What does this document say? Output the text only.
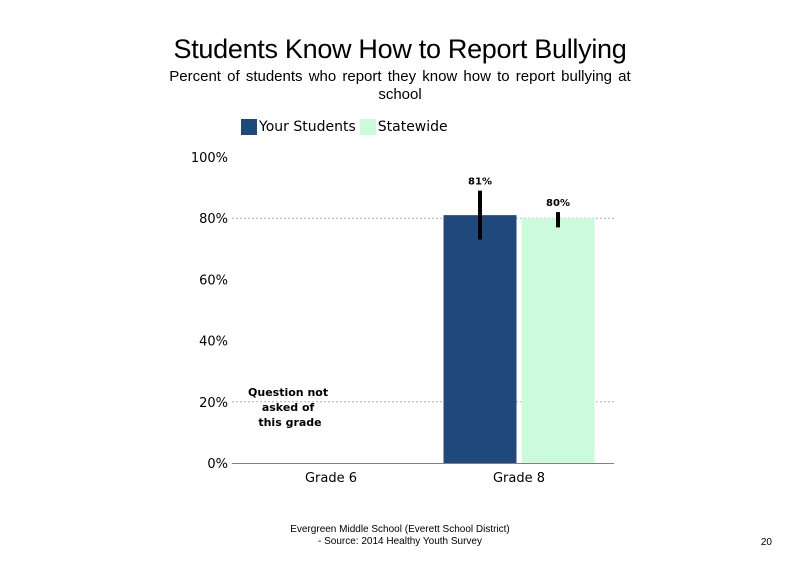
Students Know How to Report Bullying
Percent of students who report they know how to report bullying at school
Your Students Statewide
0%
20%
40%
60%
80%
100%
81%
80%
Grade 6	Grade 8
Question not asked of this grade
Evergreen Middle School (Everett School District)
- Source: 2014 Healthy Youth Survey	20
